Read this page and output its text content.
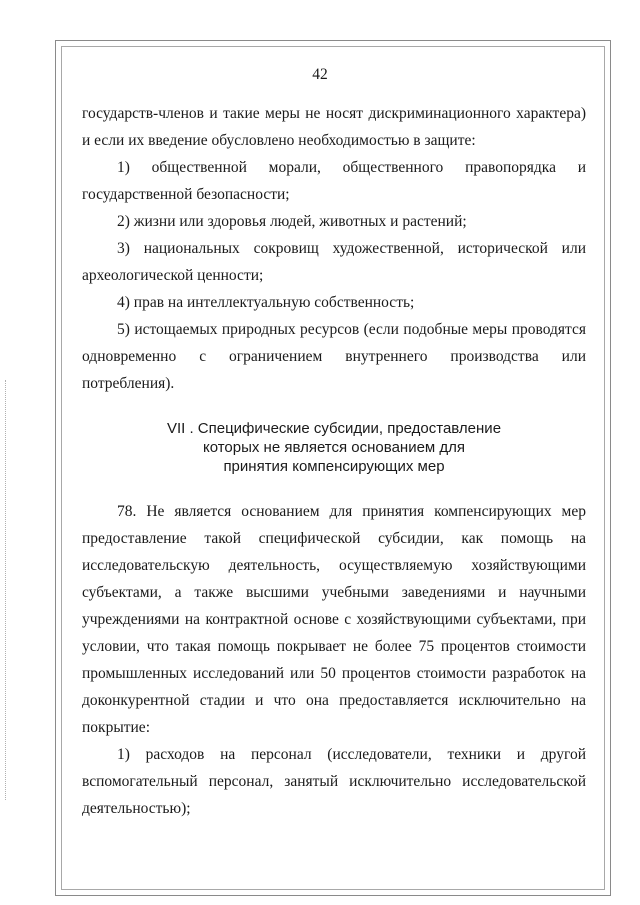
42

государств-членов и такие меры не носят дискриминационного характера) и если их введение обусловлено необходимостью в защите:

1) общественной морали, общественного правопорядка и государственной безопасности;

2) жизни или здоровья людей, животных и растений;

3) национальных сокровищ художественной, исторической или археологической ценности;

4) прав на интеллектуальную собственность;

5) истощаемых природных ресурсов (если подобные меры проводятся одновременно с ограничением внутреннего производства или потребления).

VII . Специфические субсидии, предоставление
которых не является основанием для
принятия компенсирующих мер

78. Не является основанием для принятия компенсирующих мер предоставление такой специфической субсидии, как помощь на исследовательскую деятельность, осуществляемую хозяйствующими субъектами, а также высшими учебными заведениями и научными учреждениями на контрактной основе с хозяйствующими субъектами, при условии, что такая помощь покрывает не более 75 процентов стоимости промышленных исследований или 50 процентов стоимости разработок на доконкурентной стадии и что она предоставляется исключительно на покрытие:

1) расходов на персонал (исследователи, техники и другой вспомогательный персонал, занятый исключительно исследовательской деятельностью);
